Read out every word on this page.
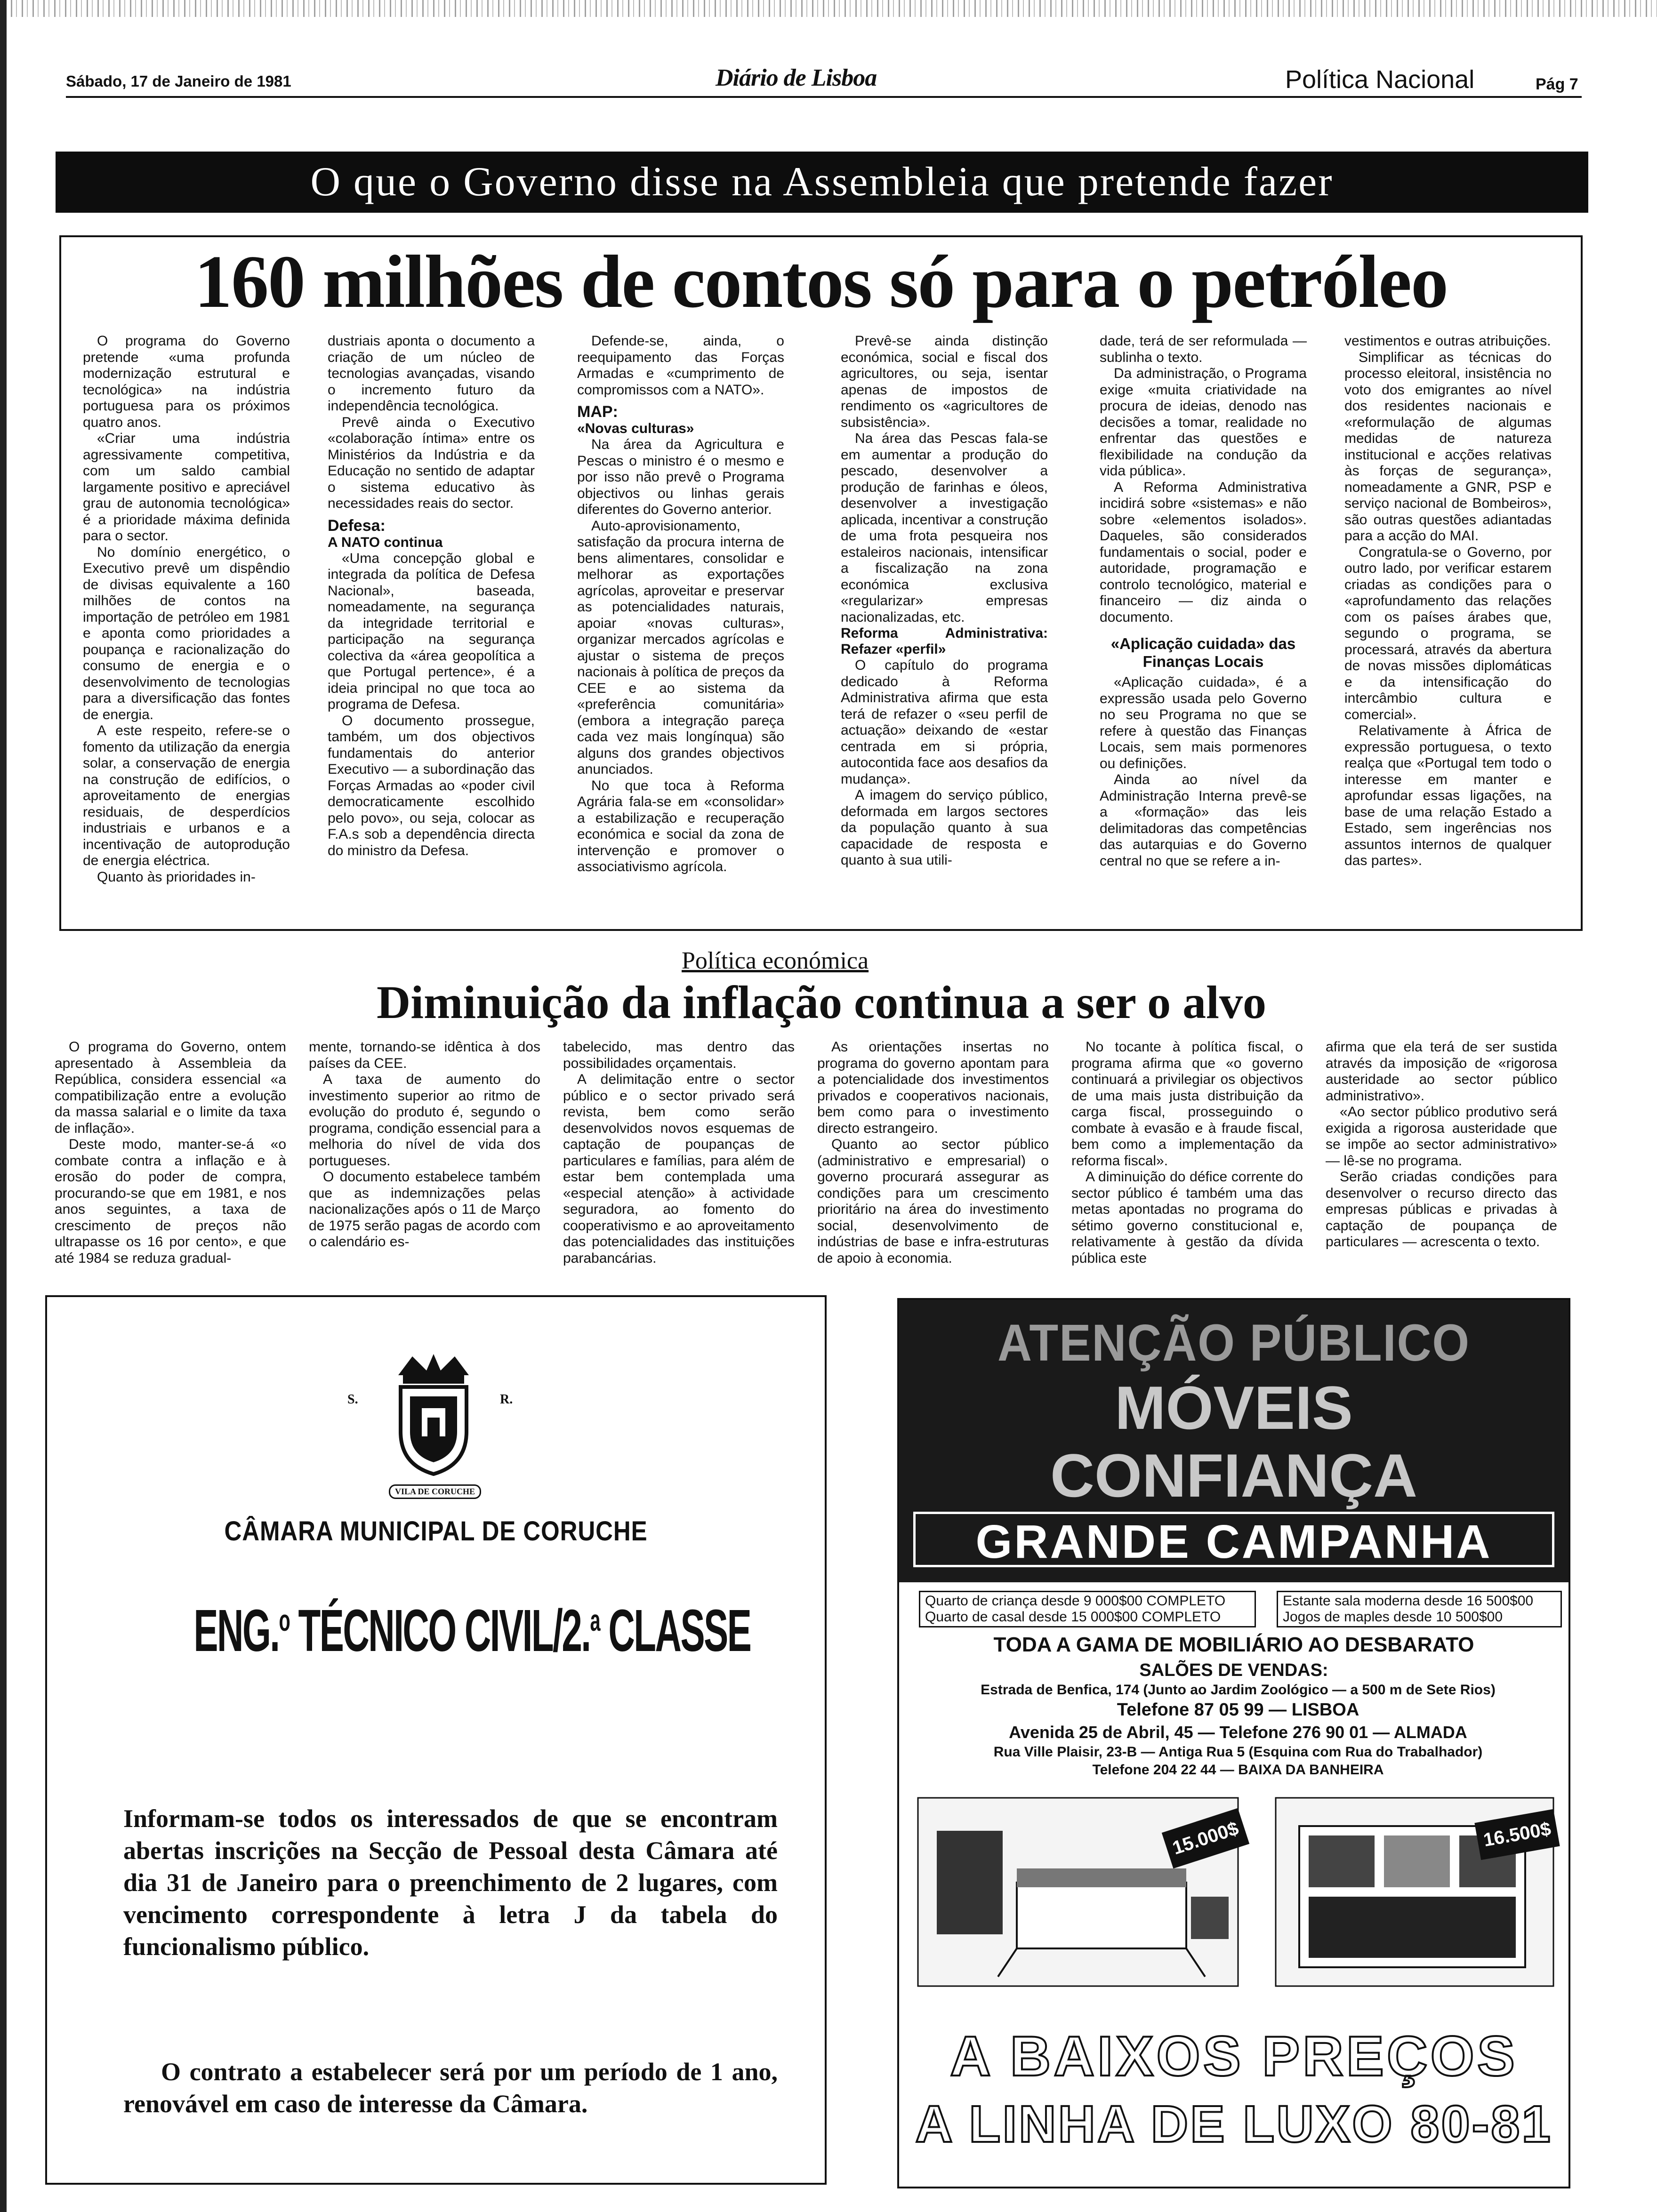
Sábado, 17 de Janeiro de 1981	Diário de Lisboa	Política Nacional	Pág 7
O que o Governo disse na Assembleia que pretende fazer
160 milhões de contos só para o petróleo

O programa do Governo pretende «uma profunda modernização estrutural e tecnológica» na indústria portuguesa para os próximos quatro anos.

«Criar uma indústria agressivamente competitiva, com um saldo cambial largamente positivo e apreciável grau de autonomia tecnológica» é a prioridade máxima definida para o sector.

No domínio energético, o Executivo prevê um dispêndio de divisas equivalente a 160 milhões de contos na importação de petróleo em 1981 e aponta como prioridades a poupança e racionalização do consumo de energia e o desenvolvimento de tecnologias para a diversificação das fontes de energia.

A este respeito, refere-se o fomento da utilização da energia solar, a conservação de energia na construção de edifícios, o aproveitamento de energias residuais, de desperdícios industriais e urbanos e a incentivação de autoprodução de energia eléctrica.

Quanto às prioridades in-

dustriais aponta o documento a criação de um núcleo de tecnologias avançadas, visando o incremento futuro da independência tecnológica.

Prevê ainda o Executivo «colaboração íntima» entre os Ministérios da Indústria e da Educação no sentido de adaptar o sistema educativo às necessidades reais do sector.

Defesa:

A NATO continua

«Uma concepção global e integrada da política de Defesa Nacional», baseada, nomeadamente, na segurança da integridade territorial e participação na segurança colectiva da «área geopolítica a que Portugal pertence», é a ideia principal no que toca ao programa de Defesa.

O documento prossegue, também, um dos objectivos fundamentais do anterior Executivo — a subordinação das Forças Armadas ao «poder civil democraticamente escolhido pelo povo», ou seja, colocar as F.A.s sob a dependência directa do ministro da Defesa.

Defende-se, ainda, o reequipamento das Forças Armadas e «cumprimento de compromissos com a NATO».

MAP:

«Novas culturas»

Na área da Agricultura e Pescas o ministro é o mesmo e por isso não prevê o Programa objectivos ou linhas gerais diferentes do Governo anterior.

Auto-aprovisionamento, satisfação da procura interna de bens alimentares, consolidar e melhorar as exportações agrícolas, aproveitar e preservar as potencialidades naturais, apoiar «novas culturas», organizar mercados agrícolas e ajustar o sistema de preços nacionais à política de preços da CEE e ao sistema da «preferência comunitária» (embora a integração pareça cada vez mais longínqua) são alguns dos grandes objectivos anunciados.

No que toca à Reforma Agrária fala-se em «consolidar» a estabilização e recuperação económica e social da zona de intervenção e promover o associativismo agrícola.

Prevê-se ainda distinção económica, social e fiscal dos agricultores, ou seja, isentar apenas de impostos de rendimento os «agricultores de subsistência».

Na área das Pescas fala-se em aumentar a produção do pescado, desenvolver a produção de farinhas e óleos, desenvolver a investigação aplicada, incentivar a construção de uma frota pesqueira nos estaleiros nacionais, intensificar a fiscalização na zona económica exclusiva «regularizar» empresas nacionalizadas, etc.

Reforma Administrativa: Refazer «perfil»

O capítulo do programa dedicado à Reforma Administrativa afirma que esta terá de refazer o «seu perfil de actuação» deixando de «estar centrada em si própria, autocontida face aos desafios da mudança».

A imagem do serviço público, deformada em largos sectores da população quanto à sua capacidade de resposta e quanto à sua utili-

dade, terá de ser reformulada — sublinha o texto.

Da administração, o Programa exige «muita criatividade na procura de ideias, denodo nas decisões a tomar, realidade no enfrentar das questões e flexibilidade na condução da vida pública».

A Reforma Administrativa incidirá sobre «sistemas» e não sobre «elementos isolados». Daqueles, são considerados fundamentais o social, poder e autoridade, programação e controlo tecnológico, material e financeiro — diz ainda o documento.

«Aplicação cuidada» das Finanças Locais

«Aplicação cuidada», é a expressão usada pelo Governo no seu Programa no que se refere à questão das Finanças Locais, sem mais pormenores ou definições.

Ainda ao nível da Administração Interna prevê-se a «formação» das leis delimitadoras das competências das autarquias e do Governo central no que se refere a in-

vestimentos e outras atribuições.

Simplificar as técnicas do processo eleitoral, insistência no voto dos emigrantes ao nível dos residentes nacionais e «reformulação de algumas medidas de natureza institucional e acções relativas às forças de segurança», nomeadamente a GNR, PSP e serviço nacional de Bombeiros», são outras questões adiantadas para a acção do MAI.

Congratula-se o Governo, por outro lado, por verificar estarem criadas as condições para o «aprofundamento das relações com os países árabes que, segundo o programa, se processará, através da abertura de novas missões diplomáticas e da intensificação do intercâmbio cultura e comercial».

Relativamente à África de expressão portuguesa, o texto realça que «Portugal tem todo o interesse em manter e aprofundar essas ligações, na base de uma relação Estado a Estado, sem ingerências nos assuntos internos de qualquer das partes».

Política económica
Diminuição da inflação continua a ser o alvo

O programa do Governo, ontem apresentado à Assembleia da República, considera essencial «a compatibilização entre a evolução da massa salarial e o limite da taxa de inflação».

Deste modo, manter-se-á «o combate contra a inflação e à erosão do poder de compra, procurando-se que em 1981, e nos anos seguintes, a taxa de crescimento de preços não ultrapasse os 16 por cento», e que até 1984 se reduza gradual-

mente, tornando-se idêntica à dos países da CEE.

A taxa de aumento do investimento superior ao ritmo de evolução do produto é, segundo o programa, condição essencial para a melhoria do nível de vida dos portugueses.

O documento estabelece também que as indemnizações pelas nacionalizações após o 11 de Março de 1975 serão pagas de acordo com o calendário es-

tabelecido, mas dentro das possibilidades orçamentais.

A delimitação entre o sector público e o sector privado será revista, bem como serão desenvolvidos novos esquemas de captação de poupanças de particulares e famílias, para além de estar bem contemplada uma «especial atenção» à actividade seguradora, ao fomento do cooperativismo e ao aproveitamento das potencialidades das instituições parabancárias.

As orientações insertas no programa do governo apontam para a potencialidade dos investimentos privados e cooperativos nacionais, bem como para o investimento directo estrangeiro.

Quanto ao sector público (administrativo e empresarial) o governo procurará assegurar as condições para um crescimento prioritário na área do investimento social, desenvolvimento de indústrias de base e infra-estruturas de apoio à economia.

No tocante à política fiscal, o programa afirma que «o governo continuará a privilegiar os objectivos de uma mais justa distribuição da carga fiscal, prosseguindo o combate à evasão e à fraude fiscal, bem como a implementação da reforma fiscal».

A diminuição do défice corrente do sector público é também uma das metas apontadas no programa do sétimo governo constitucional e, relativamente à gestão da dívida pública este

afirma que ela terá de ser sustida através da imposição de «rigorosa austeridade ao sector público administrativo».

«Ao sector público produtivo será exigida a rigorosa austeridade que se impõe ao sector administrativo» — lê-se no programa.

Serão criadas condições para desenvolver o recurso directo das empresas públicas e privadas à captação de poupança de particulares — acrescenta o texto.

S.	R.
VILA DE CORUCHE
CÂMARA MUNICIPAL DE CORUCHE
ENG.$^o$ TÉCNICO CIVIL/2.$^a$ CLASSE
Informam-se todos os interessados de que se encontram abertas inscrições na Secção de Pessoal desta Câmara até dia 31 de Janeiro para o preenchimento de 2 lugares, com vencimento correspondente à letra J da tabela do funcionalismo público.
O contrato a estabelecer será por um período de 1 ano, renovável em caso de interesse da Câmara.
ATENÇÃO PÚBLICO
MÓVEIS
CONFIANÇA
GRANDE CAMPANHA
Quarto de criança desde 9 000$00 COMPLETO
Quarto de casal desde 15 000$00 COMPLETO
Estante sala moderna desde 16 500$00
Jogos de maples desde 10 500$00
TODA A GAMA DE MOBILIÁRIO AO DESBARATO
SALÕES DE VENDAS:
Estrada de Benfica, 174 (Junto ao Jardim Zoológico — a 500 m de Sete Rios)
Telefone 87 05 99 — LISBOA
Avenida 25 de Abril, 45 — Telefone 276 90 01 — ALMADA
Rua Ville Plaisir, 23-B — Antiga Rua 5 (Esquina com Rua do Trabalhador)
Telefone 204 22 44 — BAIXA DA BANHEIRA
15.000$	16.500$
A BAIXOS PREÇOS
A LINHA DE LUXO 80-81
